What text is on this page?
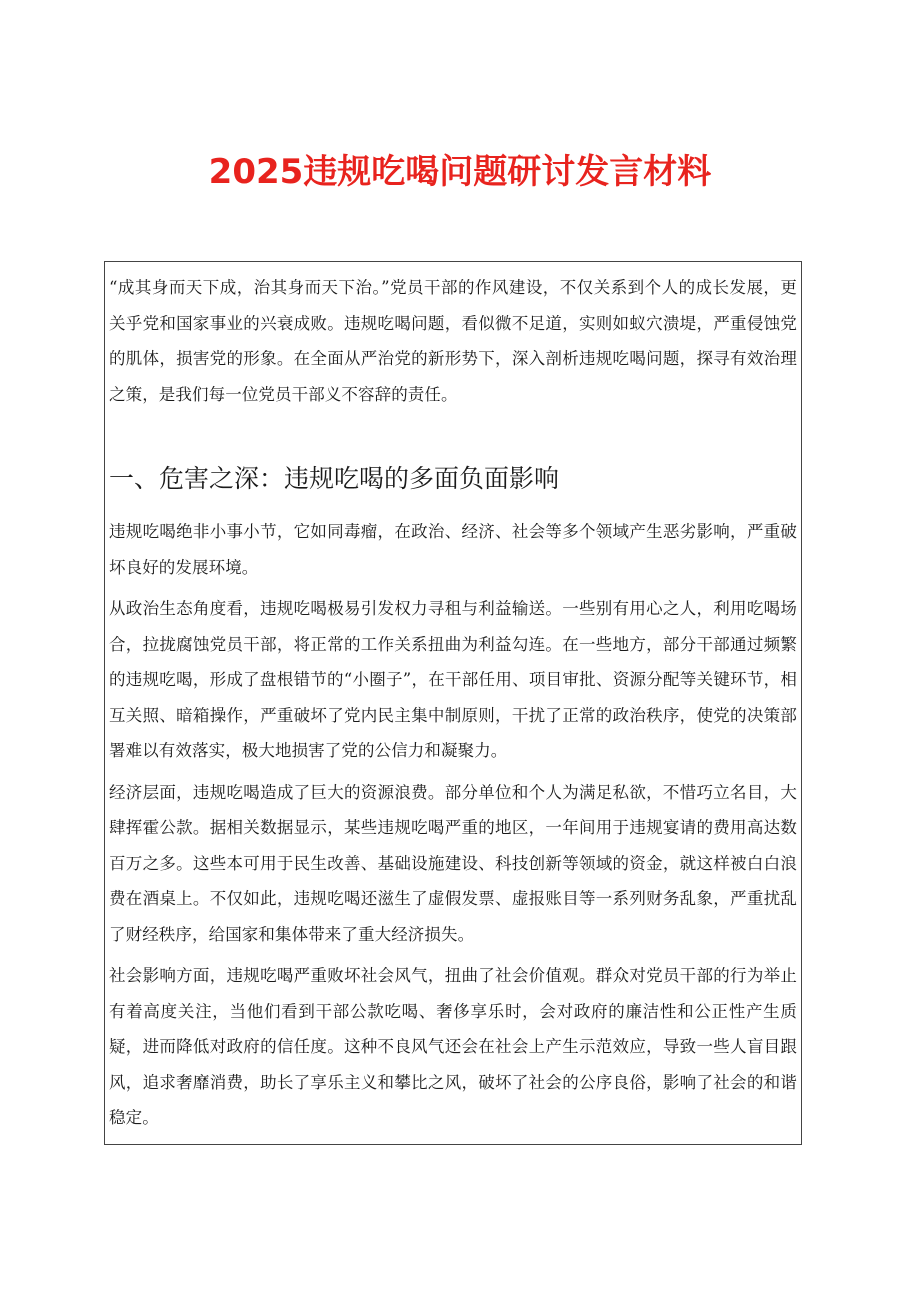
2025违规吃喝问题研讨发言材料

“成其身而天下成，治其身而天下治。”党员干部的作风建设，不仅关系到个人的成长发展，更关乎党和国家事业的兴衰成败。违规吃喝问题，看似微不足道，实则如蚁穴溃堤，严重侵蚀党的肌体，损害党的形象。在全面从严治党的新形势下，深入剖析违规吃喝问题，探寻有效治理之策，是我们每一位党员干部义不容辞的责任。

一、危害之深：违规吃喝的多面负面影响

违规吃喝绝非小事小节，它如同毒瘤，在政治、经济、社会等多个领域产生恶劣影响，严重破坏良好的发展环境。

从政治生态角度看，违规吃喝极易引发权力寻租与利益输送。一些别有用心之人，利用吃喝场合，拉拢腐蚀党员干部，将正常的工作关系扭曲为利益勾连。在一些地方，部分干部通过频繁的违规吃喝，形成了盘根错节的“小圈子”，在干部任用、项目审批、资源分配等关键环节，相互关照、暗箱操作，严重破坏了党内民主集中制原则，干扰了正常的政治秩序，使党的决策部署难以有效落实，极大地损害了党的公信力和凝聚力。

经济层面，违规吃喝造成了巨大的资源浪费。部分单位和个人为满足私欲，不惜巧立名目，大肆挥霍公款。据相关数据显示，某些违规吃喝严重的地区，一年间用于违规宴请的费用高达数百万之多。这些本可用于民生改善、基础设施建设、科技创新等领域的资金，就这样被白白浪费在酒桌上。不仅如此，违规吃喝还滋生了虚假发票、虚报账目等一系列财务乱象，严重扰乱了财经秩序，给国家和集体带来了重大经济损失。

社会影响方面，违规吃喝严重败坏社会风气，扭曲了社会价值观。群众对党员干部的行为举止有着高度关注，当他们看到干部公款吃喝、奢侈享乐时，会对政府的廉洁性和公正性产生质疑，进而降低对政府的信任度。这种不良风气还会在社会上产生示范效应，导致一些人盲目跟风，追求奢靡消费，助长了享乐主义和攀比之风，破坏了社会的公序良俗，影响了社会的和谐稳定。
